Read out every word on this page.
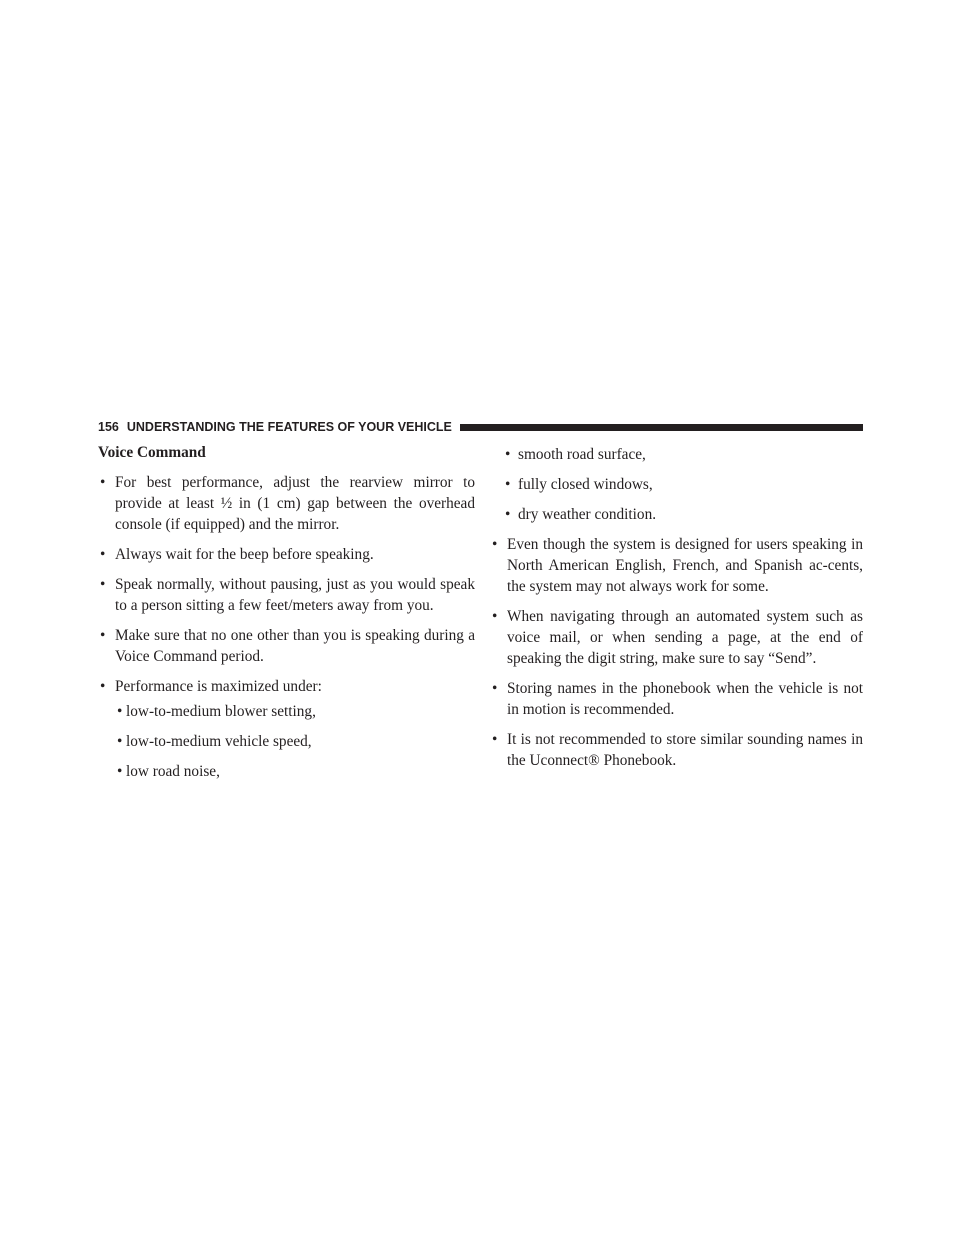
156 UNDERSTANDING THE FEATURES OF YOUR VEHICLE
Voice Command
• For best performance, adjust the rearview mirror to provide at least ½ in (1 cm) gap between the overhead console (if equipped) and the mirror.
• Always wait for the beep before speaking.
• Speak normally, without pausing, just as you would speak to a person sitting a few feet/meters away from you.
• Make sure that no one other than you is speaking during a Voice Command period.
• Performance is maximized under:
• low-to-medium blower setting,
• low-to-medium vehicle speed,
• low road noise,
• smooth road surface,
• fully closed windows,
• dry weather condition.
• Even though the system is designed for users speaking in North American English, French, and Spanish ac-cents, the system may not always work for some.
• When navigating through an automated system such as voice mail, or when sending a page, at the end of speaking the digit string, make sure to say “Send”.
• Storing names in the phonebook when the vehicle is not in motion is recommended.
• It is not recommended to store similar sounding names in the Uconnect® Phonebook.
